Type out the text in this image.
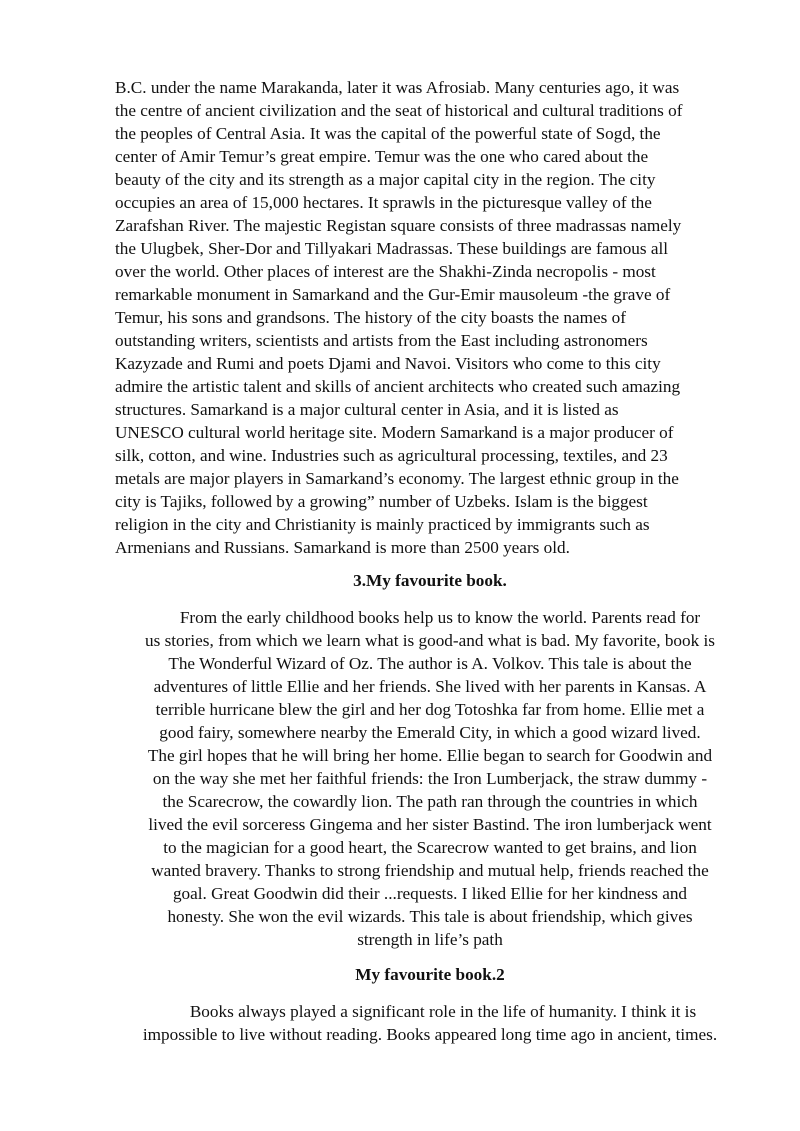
B.C. under the name Marakanda, later it was Afrosiab. Many centuries ago, it was
the centre of ancient civilization and the seat of historical and cultural traditions of
the peoples of Central Asia. It was the capital of the powerful state of Sogd, the
center of Amir Temur’s great empire. Temur was the one who cared about the
beauty of the city and its strength as a major capital city in the region. The city
occupies an area of 15,000 hectares. It sprawls in the picturesque valley of the
Zarafshan River. The majestic Registan square consists of three madrassas namely
the Ulugbek, Sher-Dor and Tillyakari Madrassas. These buildings are famous all
over the world. Other places of interest are the Shakhi-Zinda necropolis - most
remarkable monument in Samarkand and the Gur-Emir mausoleum -the grave of
Temur, his sons and grandsons. The history of the city boasts the names of
outstanding writers, scientists and artists from the East including astronomers
Kazyzade and Rumi and poets Djami and Navoi. Visitors who come to this city
admire the artistic talent and skills of ancient architects who created such amazing
structures. Samarkand is a major cultural center in Asia, and it is listed as
UNESCO cultural world heritage site. Modern Samarkand is a major producer of
silk, cotton, and wine. Industries such as agricultural processing, textiles, and 23
metals are major players in Samarkand’s economy. The largest ethnic group in the
city is Tajiks, followed by a growing” number of Uzbeks. Islam is the biggest
religion in the city and Christianity is mainly practiced by immigrants such as
Armenians and Russians. Samarkand is more than 2500 years old.

3.My favourite book.

From the early childhood books help us to know the world. Parents read for
us stories, from which we learn what is good-and what is bad. My favorite, book is
The Wonderful Wizard of Oz. The author is A. Volkov. This tale is about the
adventures of little Ellie and her friends. She lived with her parents in Kansas. A
terrible hurricane blew the girl and her dog Totoshka far from home. Ellie met a
good fairy, somewhere nearby the Emerald City, in which a good wizard lived.
The girl hopes that he will bring her home. Ellie began to search for Goodwin and
on the way she met her faithful friends: the Iron Lumberjack, the straw dummy -
the Scarecrow, the cowardly lion. The path ran through the countries in which
lived the evil sorceress Gingema and her sister Bastind. The iron lumberjack went
to the magician for a good heart, the Scarecrow wanted to get brains, and lion
wanted bravery. Thanks to strong friendship and mutual help, friends reached the
goal. Great Goodwin did their ...requests. I liked Ellie for her kindness and
honesty. She won the evil wizards. This tale is about friendship, which gives
strength in life’s path

My favourite book.2

Books always played a significant role in the life of humanity. I think it is
impossible to live without reading. Books appeared long time ago in ancient, times.
